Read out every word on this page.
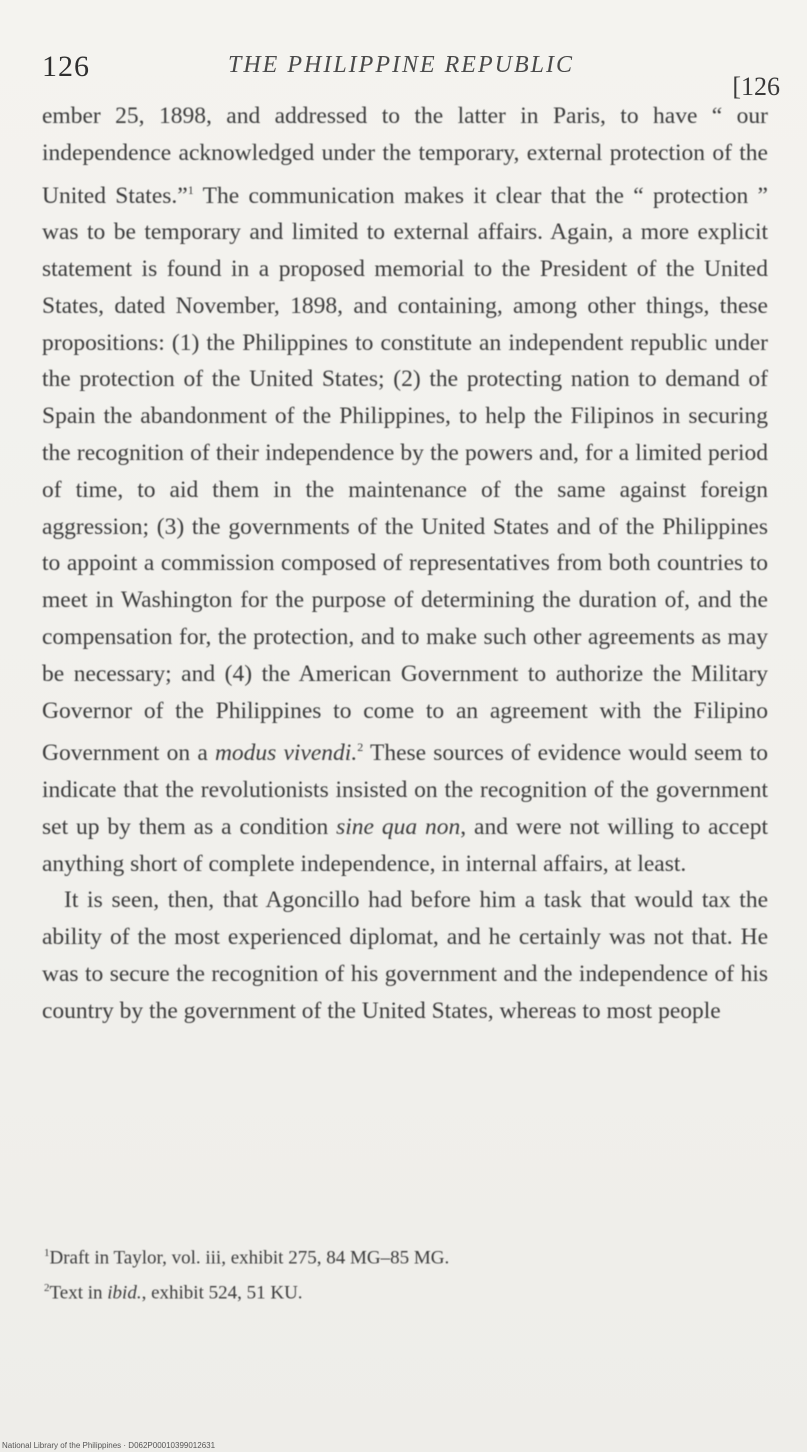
126	THE PHILIPPINE REPUBLIC
[126

ember 25, 1898, and addressed to the latter in Paris, to have “ our independence acknowledged under the temporary, external protection of the United States.”$^1$ The communication makes it clear that the “ protection ” was to be temporary and limited to external affairs. Again, a more explicit statement is found in a proposed memorial to the President of the United States, dated November, 1898, and containing, among other things, these propositions: (1) the Philippines to constitute an independent republic under the protection of the United States; (2) the protecting nation to demand of Spain the abandonment of the Philippines, to help the Filipinos in securing the recognition of their independence by the powers and, for a limited period of time, to aid them in the maintenance of the same against foreign aggression; (3) the governments of the United States and of the Philippines to appoint a commission composed of representatives from both countries to meet in Washington for the purpose of determining the duration of, and the compensation for, the protection, and to make such other agreements as may be necessary; and (4) the American Government to authorize the Military Governor of the Philippines to come to an agreement with the Filipino Government on a modus vivendi.$^2$ These sources of evidence would seem to indicate that the revolutionists insisted on the recognition of the government set up by them as a condition sine qua non, and were not willing to accept anything short of complete independence, in internal affairs, at least.

It is seen, then, that Agoncillo had before him a task that would tax the ability of the most experienced diplomat, and he certainly was not that. He was to secure the recognition of his government and the independence of his country by the government of the United States, whereas to most people

$^1$Draft in Taylor, vol. iii, exhibit 275, 84 MG–85 MG.

$^2$Text in ibid., exhibit 524, 51 KU.

National Library of the Philippines · D062P00010399012631
